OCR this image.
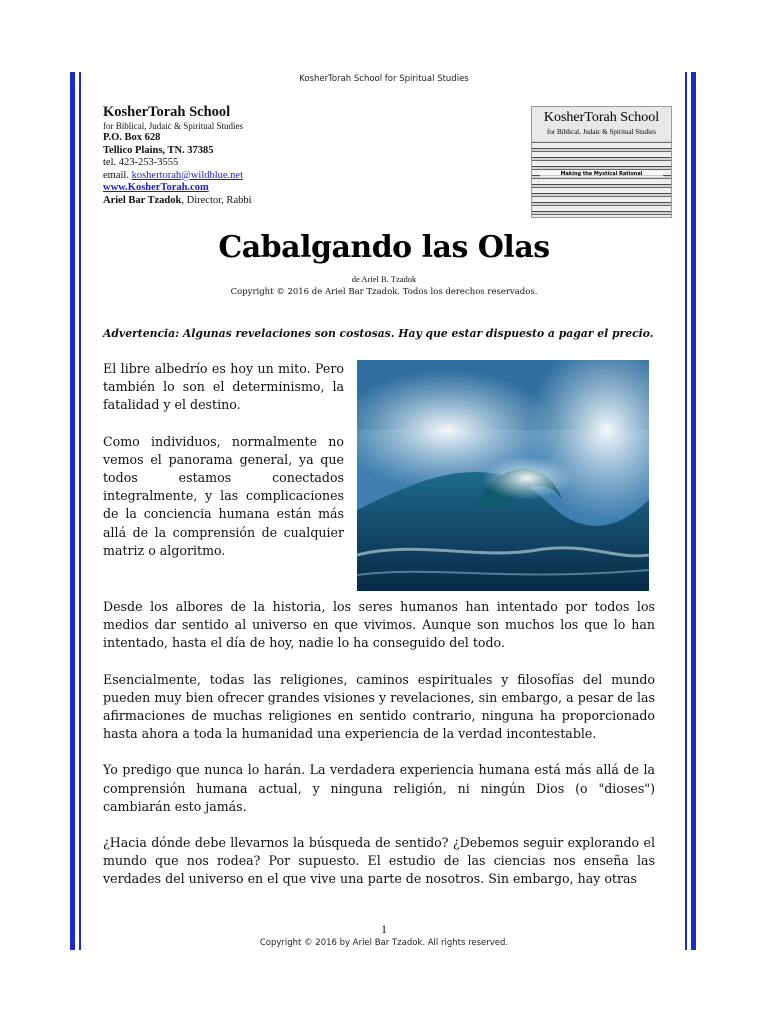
KosherTorah School for Spiritual Studies
KosherTorah School
for Biblical, Judaic & Spiritual Studies
P.O. Box 628
Tellico Plains, TN. 37385
tel. 423-253-3555
email. koshertorah@wildblue.net
www.KosherTorah.com
Ariel Bar Tzadok, Director, Rabbi
KosherTorah School
for Biblical, Judaic & Spiritual Studies
Making the Mystical Rational
Cabalgando las Olas
de Ariel B. Tzadok
Copyright © 2016 de Ariel Bar Tzadok. Todos los derechos reservados.
Advertencia: Algunas revelaciones son costosas. Hay que estar dispuesto a pagar el precio.

El libre albedrío es hoy un mito. Pero también lo son el determinismo, la fatalidad y el destino.

Como individuos, normalmente no vemos el panorama general, ya que todos estamos conectados integralmente, y las complicaciones de la conciencia humana están más allá de la comprensión de cualquier matriz o algoritmo.

Desde los albores de la historia, los seres humanos han intentado por todos los medios dar sentido al universo en que vivimos. Aunque son muchos los que lo han intentado, hasta el día de hoy, nadie lo ha conseguido del todo.

Esencialmente, todas las religiones, caminos espirituales y filosofías del mundo pueden muy bien ofrecer grandes visiones y revelaciones, sin embargo, a pesar de las afirmaciones de muchas religiones en sentido contrario, ninguna ha proporcionado hasta ahora a toda la humanidad una experiencia de la verdad incontestable.

Yo predigo que nunca lo harán. La verdadera experiencia humana está más allá de la comprensión humana actual, y ninguna religión, ni ningún Dios (o "dioses") cambiarán esto jamás.

¿Hacia dónde debe llevarnos la búsqueda de sentido? ¿Debemos seguir explorando el mundo que nos rodea? Por supuesto. El estudio de las ciencias nos enseña las verdades del universo en el que vive una parte de nosotros. Sin embargo, hay otras

1
Copyright © 2016 by Ariel Bar Tzadok. All rights reserved.
